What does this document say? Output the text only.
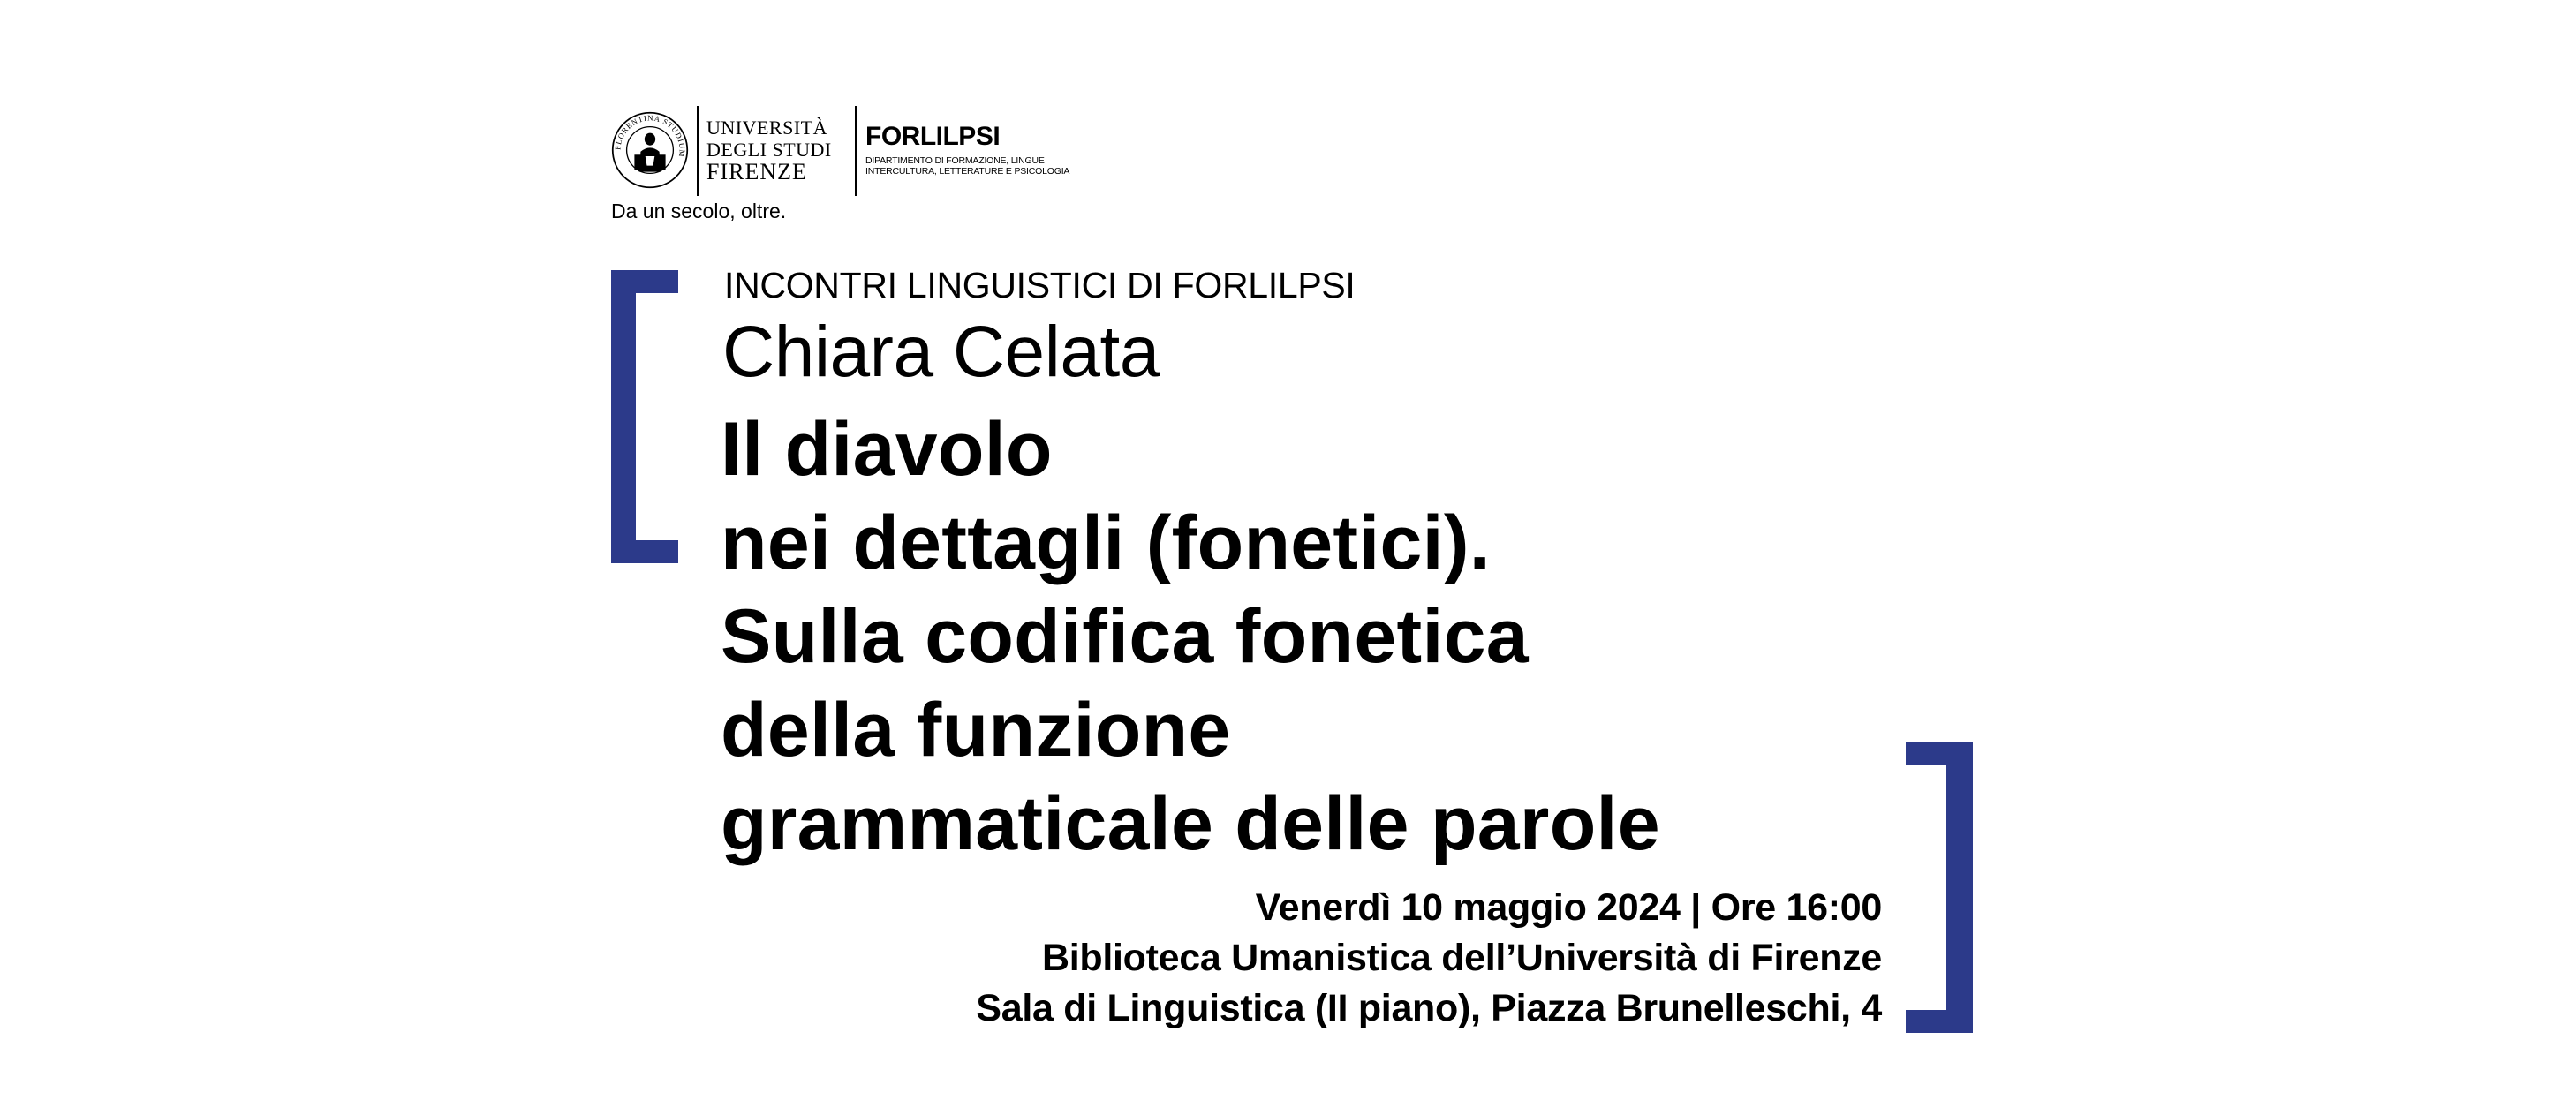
FLORENTINA STUDIUM
UNIVERSITÀ
DEGLI STUDI
FIRENZE
FORLILPSI
DIPARTIMENTO DI FORMAZIONE, LINGUE
INTERCULTURA, LETTERATURE E PSICOLOGIA
Da un secolo, oltre.
INCONTRI LINGUISTICI DI FORLILPSI
Chiara Celata
Il diavolo
nei dettagli (fonetici).
Sulla codifica fonetica
della funzione
grammaticale delle parole
Venerdì 10 maggio 2024 | Ore 16:00
Biblioteca Umanistica dell’Università di Firenze
Sala di Linguistica (II piano), Piazza Brunelleschi, 4
